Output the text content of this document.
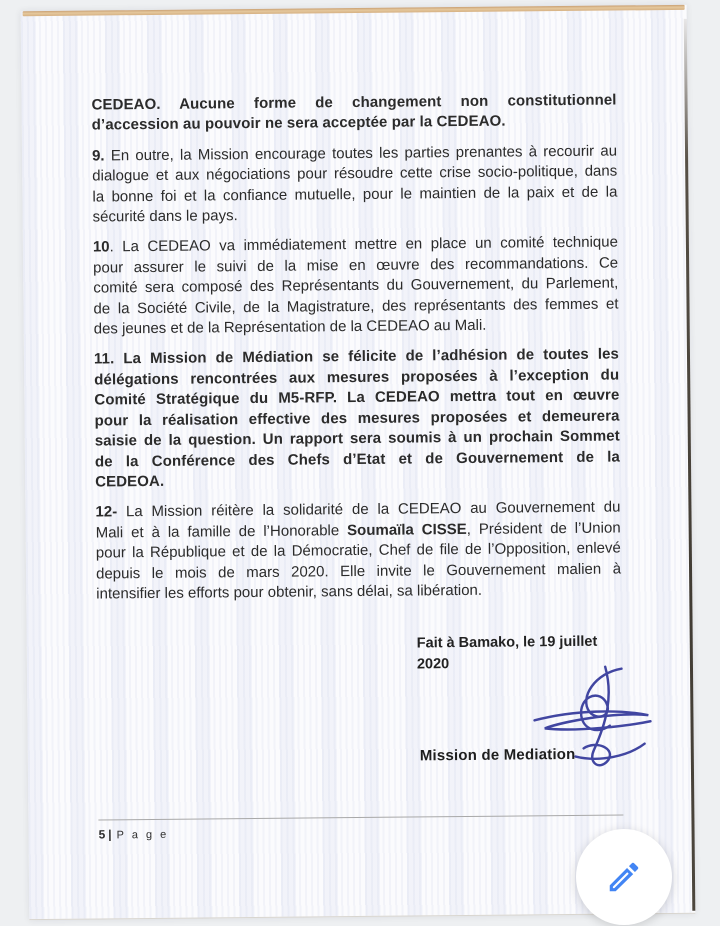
CEDEAO. Aucune forme de changement non constitutionnel
d’accession au pouvoir ne sera acceptée par la CEDEAO.
9. En outre, la Mission encourage toutes les parties prenantes à recourir au
dialogue et aux négociations pour résoudre cette crise socio-politique, dans
la bonne foi et la confiance mutuelle, pour le maintien de la paix et de la
sécurité dans le pays.
10. La CEDEAO va immédiatement mettre en place un comité technique
pour assurer le suivi de la mise en œuvre des recommandations. Ce
comité sera composé des Représentants du Gouvernement, du Parlement,
de la Société Civile, de la Magistrature, des représentants des femmes et
des jeunes et de la Représentation de la CEDEAO au Mali.
11. La Mission de Médiation se félicite de l’adhésion de toutes les
délégations rencontrées aux mesures proposées à l’exception du
Comité Stratégique du M5-RFP. La CEDEAO mettra tout en œuvre
pour la réalisation effective des mesures proposées et demeurera
saisie de la question. Un rapport sera soumis à un prochain Sommet
de la Conférence des Chefs d’Etat et de Gouvernement de la
CEDEOA.
12- La Mission réitère la solidarité de la CEDEAO au Gouvernement du
Mali et à la famille de l’Honorable Soumaïla CISSE, Président de l’Union
pour la République et de la Démocratie, Chef de file de l’Opposition, enlevé
depuis le mois de mars 2020. Elle invite le Gouvernement malien à
intensifier les efforts pour obtenir, sans délai, sa libération.
Fait à Bamako, le 19 juillet 2020
Mission de Mediation
5 | P a g e
